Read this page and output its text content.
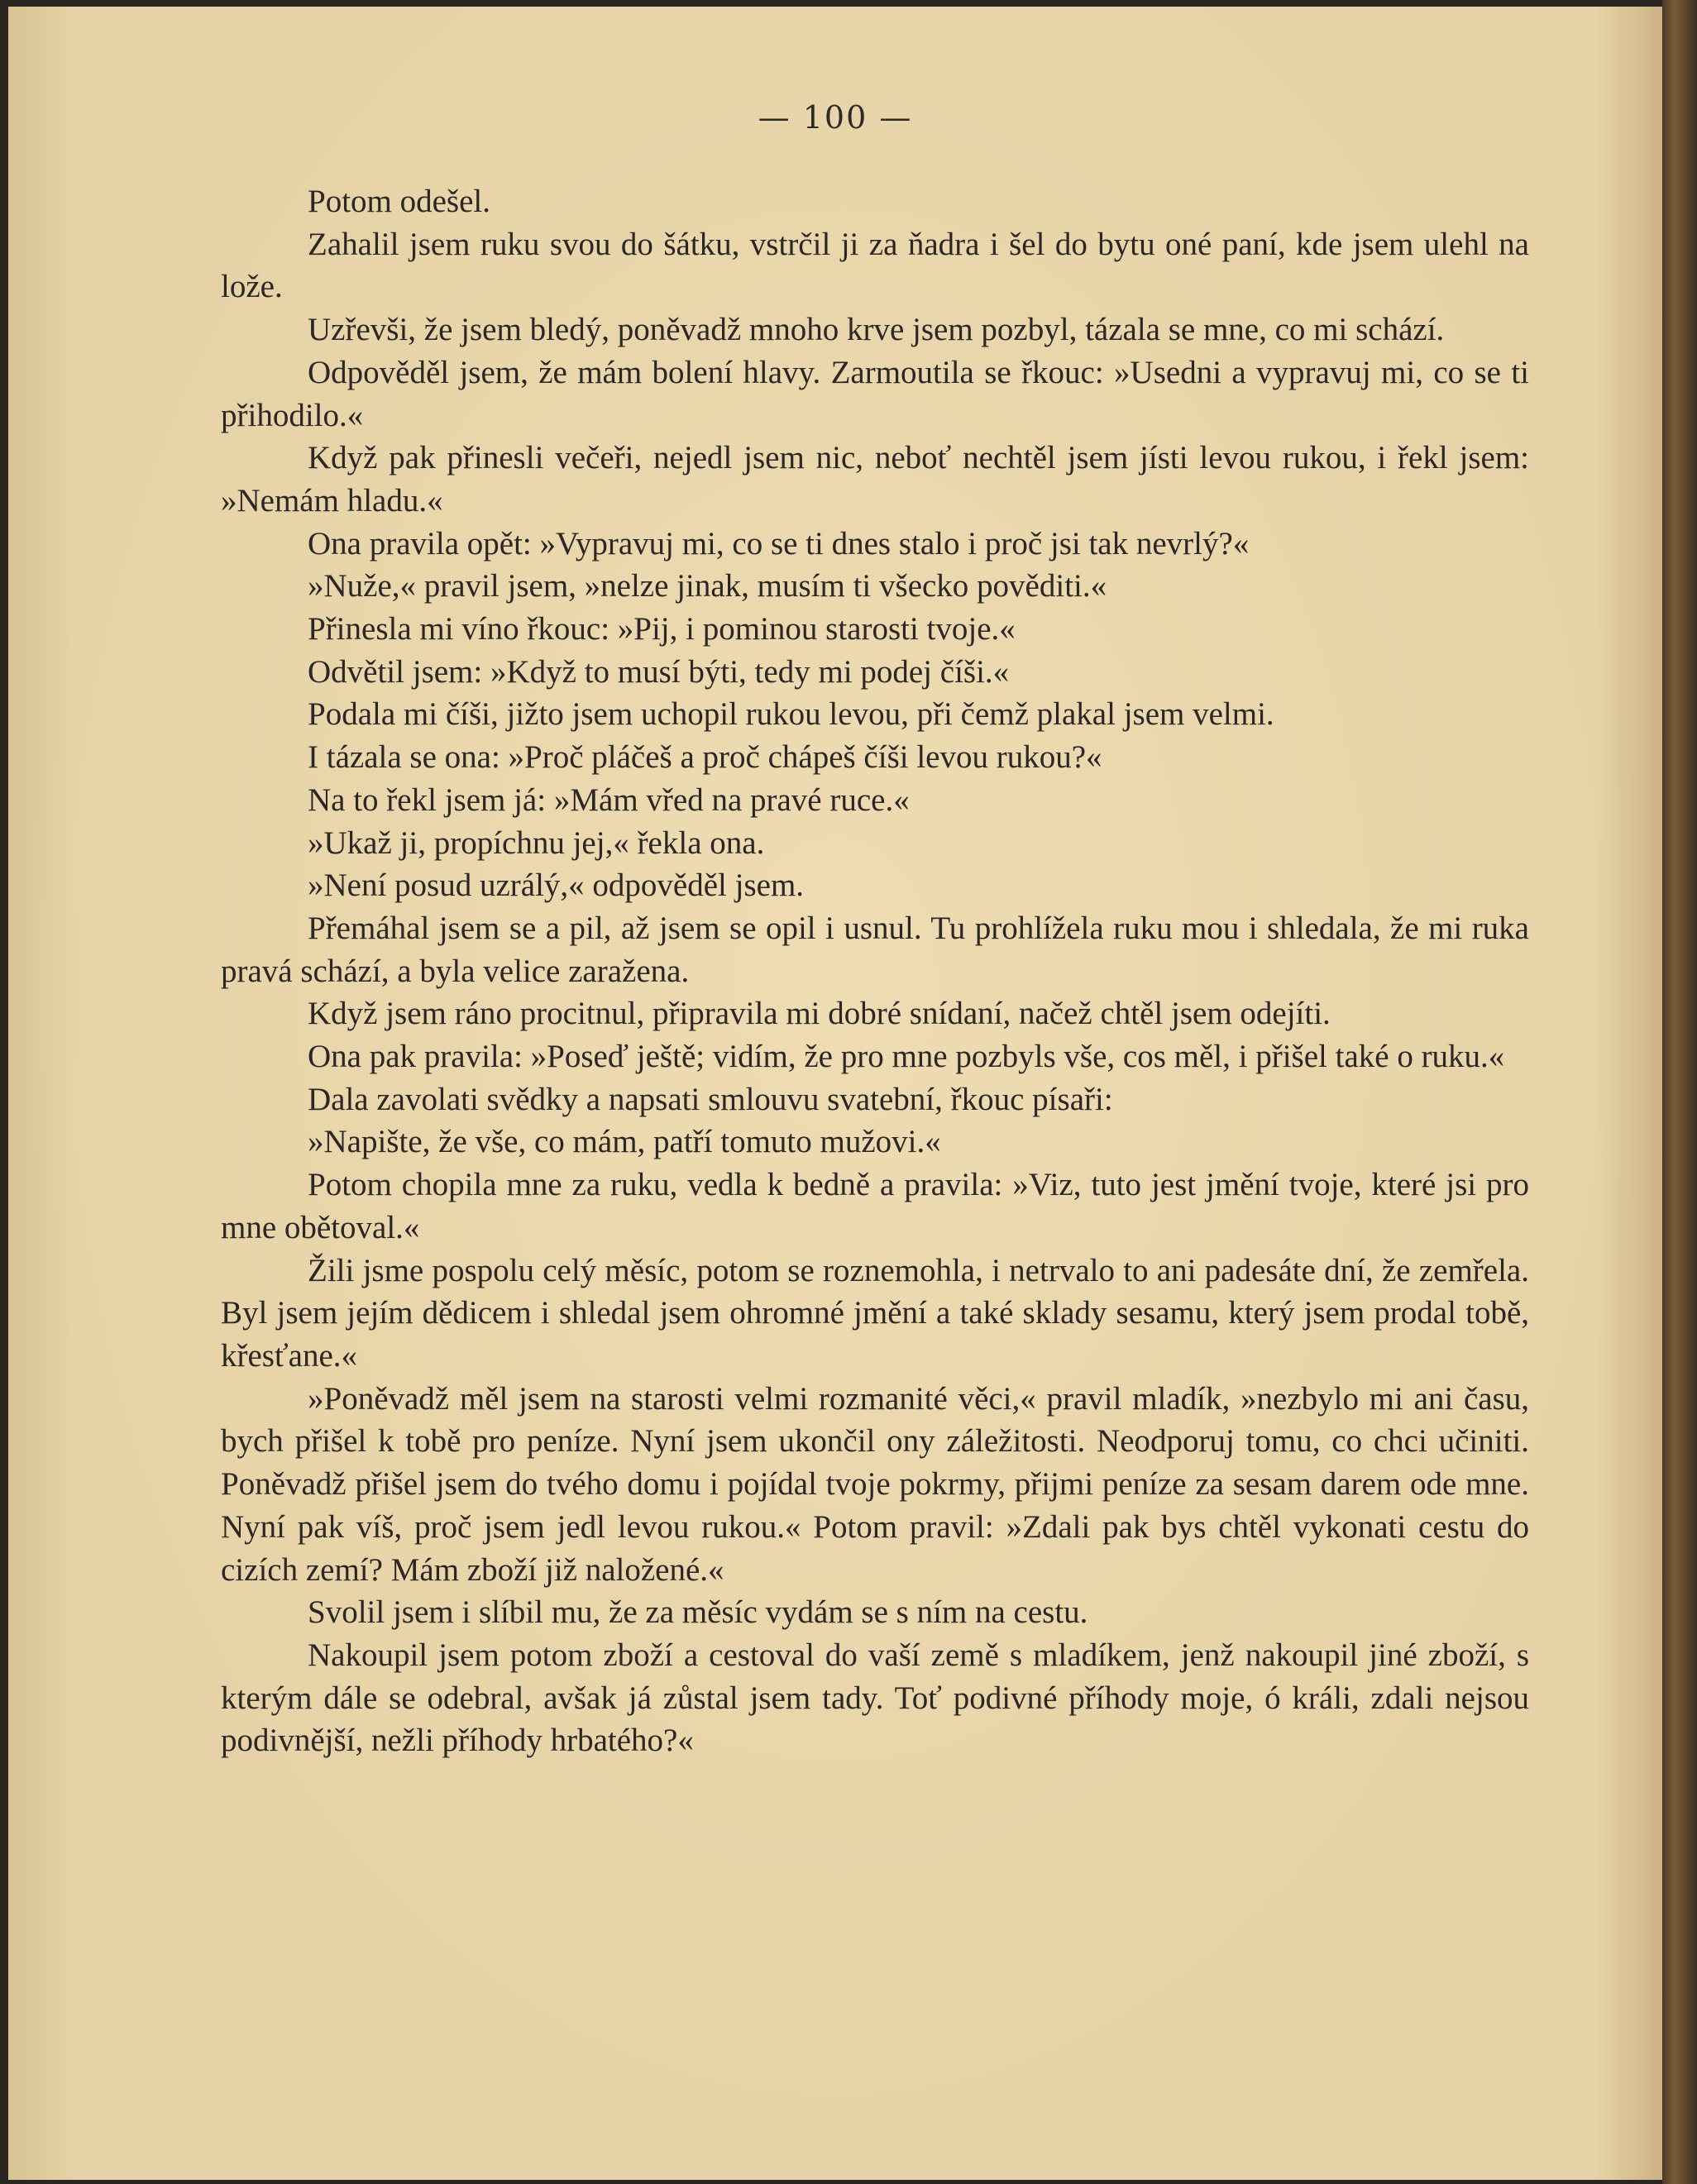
— 100 —

Potom odešel.

Zahalil jsem ruku svou do šátku, vstrčil ji za ňadra i šel do bytu oné paní, kde jsem ulehl na lože.

Uzřevši, že jsem bledý, poněvadž mnoho krve jsem pozbyl, tázala se mne, co mi schází.

Odpověděl jsem, že mám bolení hlavy. Zarmoutila se řkouc: »Usedni a vypravuj mi, co se ti přihodilo.«

Když pak přinesli večeři, nejedl jsem nic, neboť nechtěl jsem jísti levou rukou, i řekl jsem: »Nemám hladu.«

Ona pravila opět: »Vypravuj mi, co se ti dnes stalo i proč jsi tak nevrlý?«

»Nuže,« pravil jsem, »nelze jinak, musím ti všecko pověditi.«

Přinesla mi víno řkouc: »Pij, i pominou starosti tvoje.«

Odvětil jsem: »Když to musí býti, tedy mi podej číši.«

Podala mi číši, jižto jsem uchopil rukou levou, při čemž plakal jsem velmi.

I tázala se ona: »Proč pláčeš a proč chápeš číši levou rukou?«

Na to řekl jsem já: »Mám vřed na pravé ruce.«

»Ukaž ji, propíchnu jej,« řekla ona.

»Není posud uzrálý,« odpověděl jsem.

Přemáhal jsem se a pil, až jsem se opil i usnul. Tu prohlížela ruku mou i shledala, že mi ruka pravá schází, a byla velice zaražena.

Když jsem ráno procitnul, připravila mi dobré snídaní, načež chtěl jsem odejíti.

Ona pak pravila: »Poseď ještě; vidím, že pro mne pozbyls vše, cos měl, i přišel také o ruku.«

Dala zavolati svědky a napsati smlouvu svatební, řkouc písaři:

»Napište, že vše, co mám, patří tomuto mužovi.«

Potom chopila mne za ruku, vedla k bedně a pravila: »Viz, tuto jest jmění tvoje, které jsi pro mne obětoval.«

Žili jsme pospolu celý měsíc, potom se roznemohla, i netrvalo to ani padesáte dní, že zemřela. Byl jsem jejím dědicem i shledal jsem ohromné jmění a také sklady sesamu, který jsem prodal tobě, křesťane.«

»Poněvadž měl jsem na starosti velmi rozmanité věci,« pravil mladík, »nezbylo mi ani času, bych přišel k tobě pro peníze. Nyní jsem ukončil ony záležitosti. Neodporuj tomu, co chci učiniti. Poněvadž přišel jsem do tvého domu i pojídal tvoje pokrmy, přijmi peníze za sesam darem ode mne. Nyní pak víš, proč jsem jedl levou rukou.« Potom pravil: »Zdali pak bys chtěl vykonati cestu do cizích zemí? Mám zboží již naložené.«

Svolil jsem i slíbil mu, že za měsíc vydám se s ním na cestu.

Nakoupil jsem potom zboží a cestoval do vaší země s mladíkem, jenž nakoupil jiné zboží, s kterým dále se odebral, avšak já zůstal jsem tady. Toť podivné příhody moje, ó králi, zdali nejsou podivnější, nežli příhody hrbatého?«
